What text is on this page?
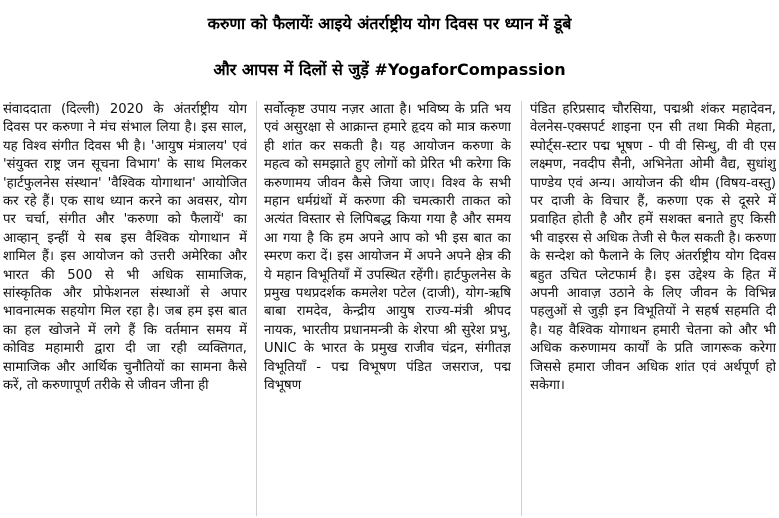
करुणा को फैलायेंः आइये अंतर्राष्ट्रीय योग दिवस पर ध्यान में डूबे
और आपस में दिलों से जुड़ें #YogaforCompassion

संवाददाता (दिल्ली) 2020 के अंतर्राष्ट्रीय योग दिवस पर करुणा ने मंच संभाल लिया है। इस साल, यह विश्व संगीत दिवस भी है। 'आयुष मंत्रालय' एवं 'संयुक्त राष्ट्र जन सूचना विभाग' के साथ मिलकर 'हार्टफुलनेस संस्थान' 'वैश्विक योगाथान' आयोजित कर रहे हैं। एक साथ ध्यान करने का अवसर, योग पर चर्चा, संगीत और 'करुणा को फैलायें' का आव्हान् इन्हीं ये सब इस वैश्विक योगाथान में शामिल हैं। इस आयोजन को उत्तरी अमेरिका और भारत की 500 से भी अधिक सामाजिक, सांस्कृतिक और प्रोफेशनल संस्थाओं से अपार भावनात्मक सहयोग मिल रहा है। जब हम इस बात का हल खोजने में लगे हैं कि वर्तमान समय में कोविड महामारी द्वारा दी जा रही व्यक्तिगत, सामाजिक और आर्थिक चुनौतियों का सामना कैसे करें, तो करुणापूर्ण तरीके से जीवन जीना ही

सर्वोत्कृष्ट उपाय नज़र आता है। भविष्य के प्रति भय एवं असुरक्षा से आक्रान्त हमारे हृदय को मात्र करुणा ही शांत कर सकती है। यह आयोजन करुणा के महत्व को समझाते हुए लोगों को प्रेरित भी करेगा कि करुणामय जीवन कैसे जिया जाए। विश्व के सभी महान धर्मग्रंथों में करुणा की चमत्कारी ताकत को अत्यंत विस्तार से लिपिबद्ध किया गया है और समय आ गया है कि हम अपने आप को भी इस बात का स्मरण करा दें। इस आयोजन में अपने अपने क्षेत्र की ये महान विभूतियाँ में उपस्थित रहेंगी। हार्टफुलनेस के प्रमुख पथप्रदर्शक कमलेश पटेल (दाजी), योग-ऋषि बाबा रामदेव, केन्द्रीय आयुष राज्य-मंत्री श्रीपद नायक, भारतीय प्रधानमन्त्री के शेरपा श्री सुरेश प्रभु, UNIC के भारत के प्रमुख राजीव चंद्रन, संगीतज्ञ विभूतियाँ - पद्म विभूषण पंडित जसराज, पद्म विभूषण

पंडित हरिप्रसाद चौरसिया, पद्मश्री शंकर महादेवन, वेलनेस-एक्सपर्ट शाइना एन सी तथा मिकी मेहता, स्पोर्ट्स-स्टार पद्म भूषण - पी वी सिन्धु, वी वी एस लक्ष्मण, नवदीप सैनी, अभिनेता ओमी वैद्य, सुधांशु पाण्डेय एवं अन्य। आयोजन की थीम (विषय-वस्तु) पर दाजी के विचार हैं, करुणा एक से दूसरे में प्रवाहित होती है और हमें सशक्त बनाते हुए किसी भी वाइरस से अधिक तेजी से फैल सकती है। करुणा के सन्देश को फैलाने के लिए अंतर्राष्ट्रीय योग दिवस बहुत उचित प्लेटफार्म है। इस उद्देश्य के हित में अपनी आवाज़ उठाने के लिए जीवन के विभिन्न पहलुओं से जुड़ी इन विभूतियों ने सहर्ष सहमति दी है। यह वैश्विक योगाथन हमारी चेतना को और भी अधिक करुणामय कार्यों के प्रति जागरूक करेगा जिससे हमारा जीवन अधिक शांत एवं अर्थपूर्ण हो सकेगा।
